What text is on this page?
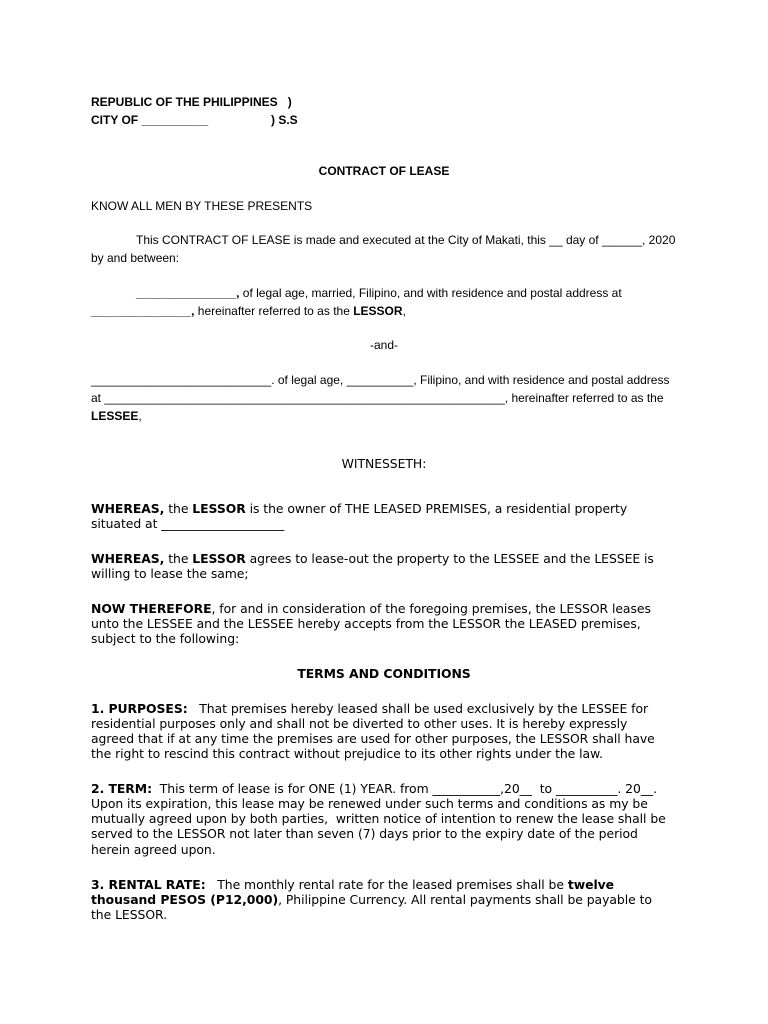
REPUBLIC OF THE PHILIPPINES   )
CITY OF __________	) S.S
CONTRACT OF LEASE
KNOW ALL MEN BY THESE PRESENTS
This CONTRACT OF LEASE is made and executed at the City of Makati, this __ day of ______, 2020
by and between:
_______________, of legal age, married, Filipino, and with residence and postal address at
_______________, hereinafter referred to as the LESSOR,
-and-
___________________________. of legal age, __________, Filipino, and with residence and postal address
at ____________________________________________________________, hereinafter referred to as the
LESSEE,
WITNESSETH:
WHEREAS, the LESSOR is the owner of THE LEASED PREMISES, a residential property
situated at ____________________
WHEREAS, the LESSOR agrees to lease-out the property to the LESSEE and the LESSEE is
willing to lease the same;
NOW THEREFORE, for and in consideration of the foregoing premises, the LESSOR leases
unto the LESSEE and the LESSEE hereby accepts from the LESSOR the LEASED premises,
subject to the following:
TERMS AND CONDITIONS
1. PURPOSES:   That premises hereby leased shall be used exclusively by the LESSEE for
residential purposes only and shall not be diverted to other uses. It is hereby expressly
agreed that if at any time the premises are used for other purposes, the LESSOR shall have
the right to rescind this contract without prejudice to its other rights under the law.
2. TERM:  This term of lease is for ONE (1) YEAR. from ___________,20__  to __________. 20__.
Upon its expiration, this lease may be renewed under such terms and conditions as my be
mutually agreed upon by both parties,  written notice of intention to renew the lease shall be
served to the LESSOR not later than seven (7) days prior to the expiry date of the period
herein agreed upon.
3. RENTAL RATE:   The monthly rental rate for the leased premises shall be twelve
thousand PESOS (P12,000), Philippine Currency. All rental payments shall be payable to
the LESSOR.
